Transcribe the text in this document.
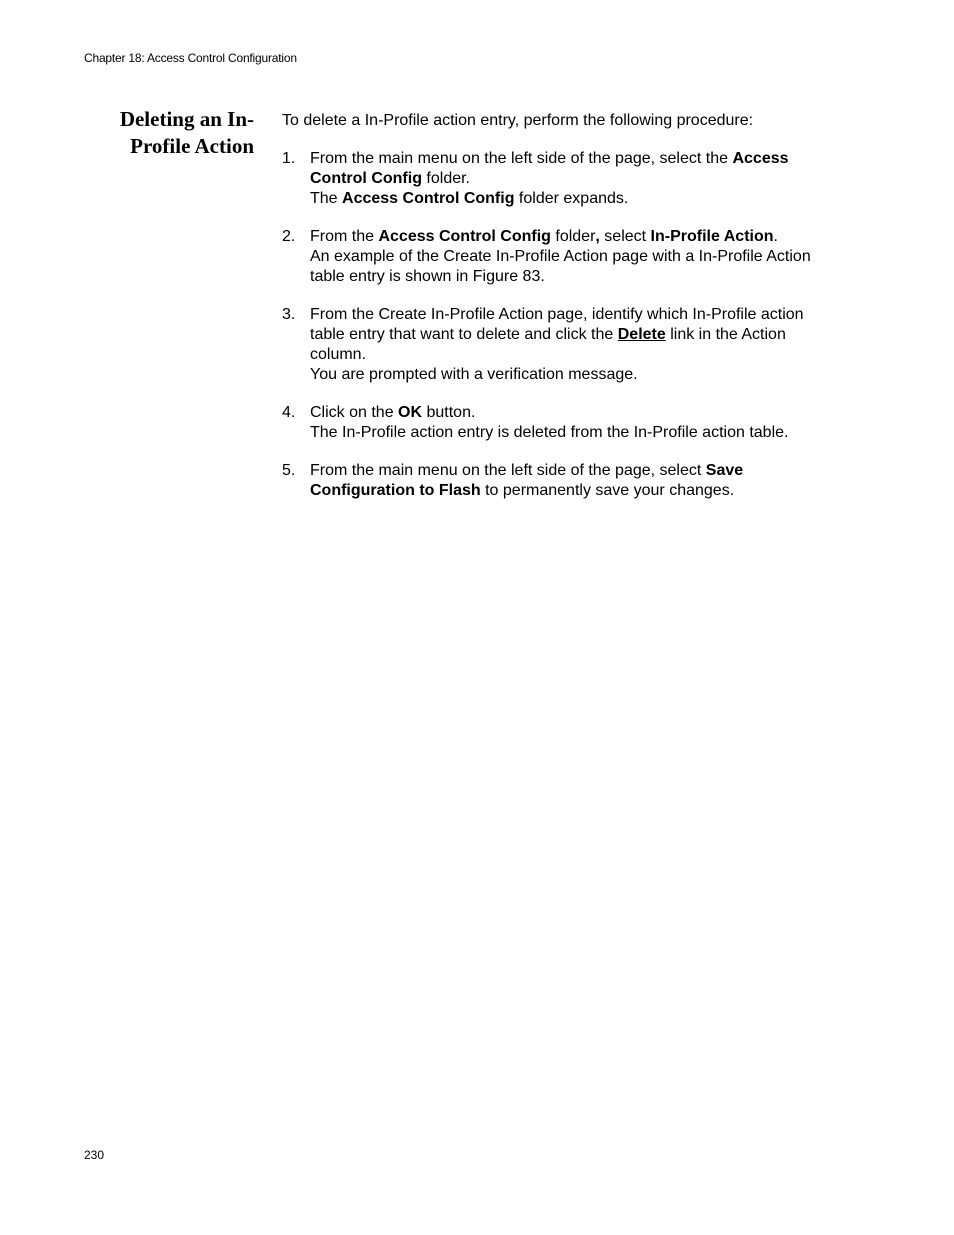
Chapter 18: Access Control Configuration
Deleting an In-
Profile Action

To delete a In-Profile action entry, perform the following procedure:

1. From the main menu on the left side of the page, select the Access Control Config folder.
The Access Control Config folder expands.
2. From the Access Control Config folder, select In-Profile Action.
An example of the Create In-Profile Action page with a In-Profile Action table entry is shown in Figure 83.
3. From the Create In-Profile Action page, identify which In-Profile action table entry that want to delete and click the Delete link in the Action column.
You are prompted with a verification message.
4. Click on the OK button.
The In-Profile action entry is deleted from the In-Profile action table.
5. From the main menu on the left side of the page, select Save Configuration to Flash to permanently save your changes.
230
